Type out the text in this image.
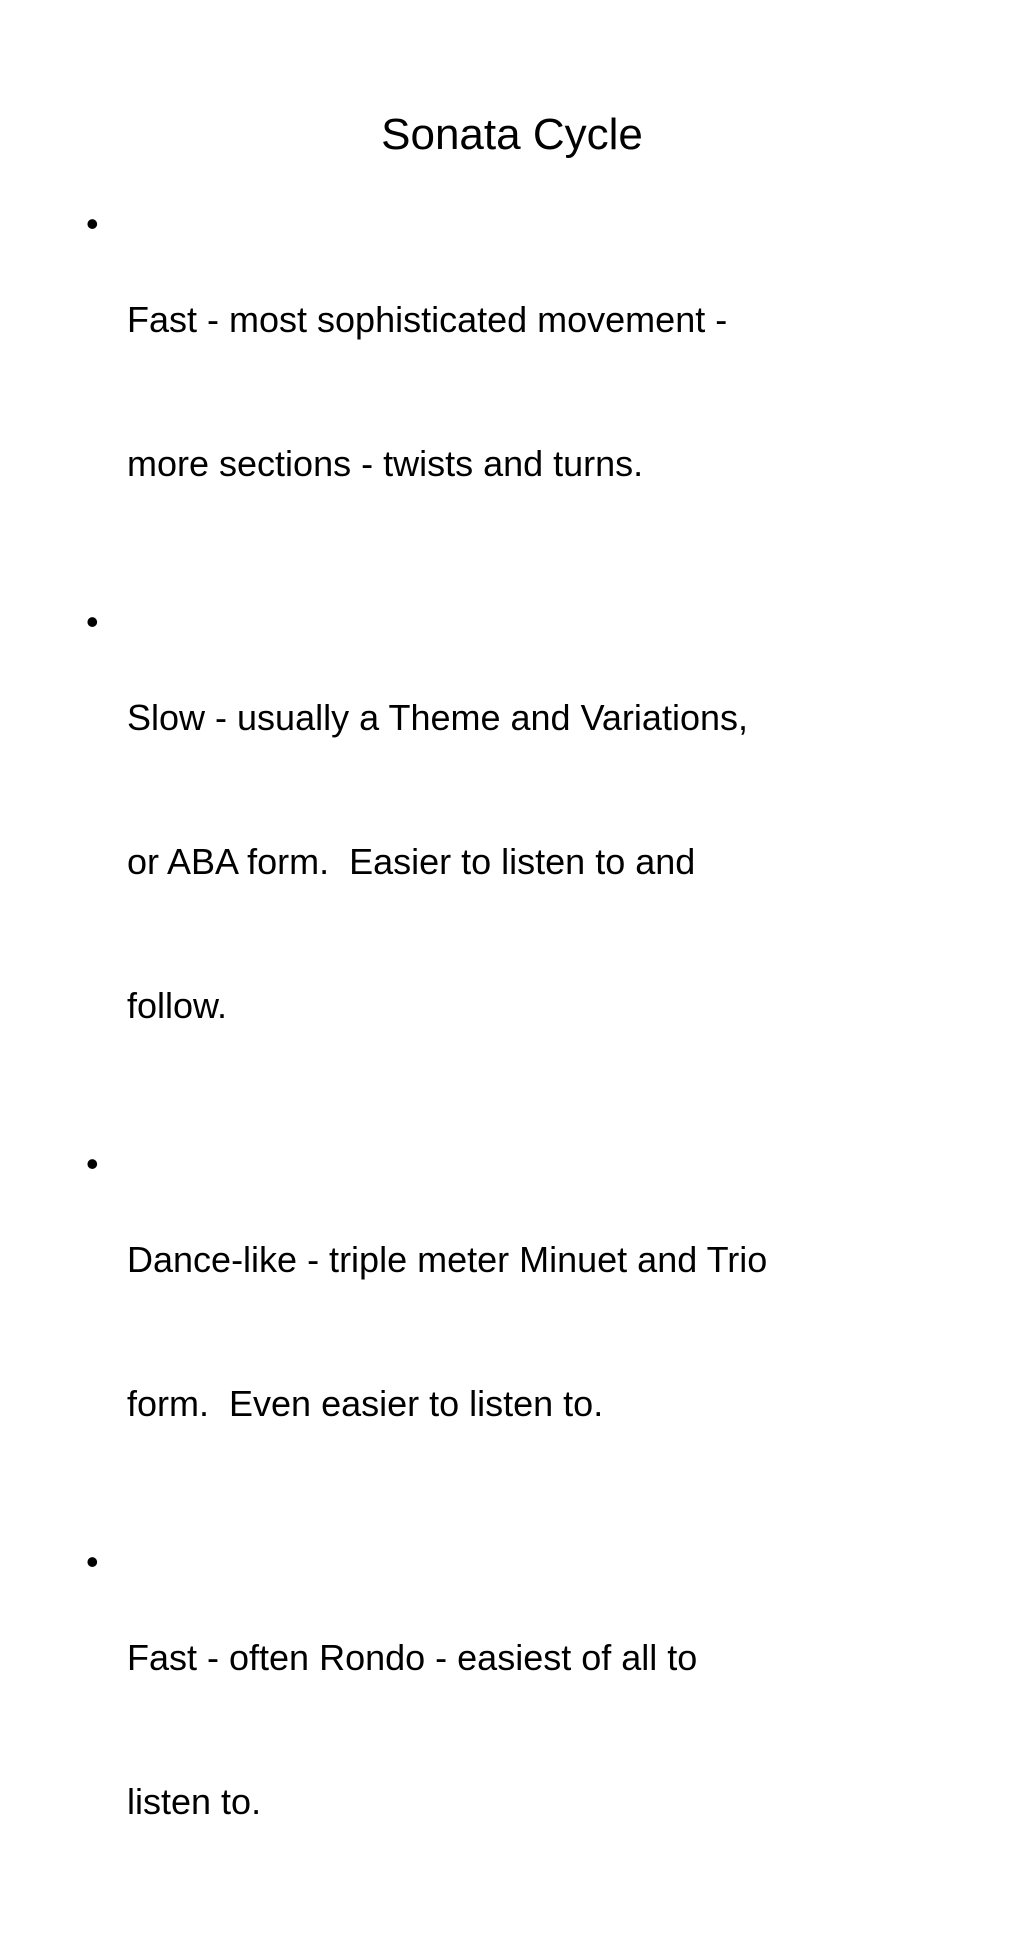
Sonata Cycle
•

Fast - most sophisticated movement -

more sections - twists and turns.

•

Slow - usually a Theme and Variations,

or ABA form.  Easier to listen to and

follow.

•

Dance-like - triple meter Minuet and Trio

form.  Even easier to listen to.

•

Fast - often Rondo - easiest of all to

listen to.
